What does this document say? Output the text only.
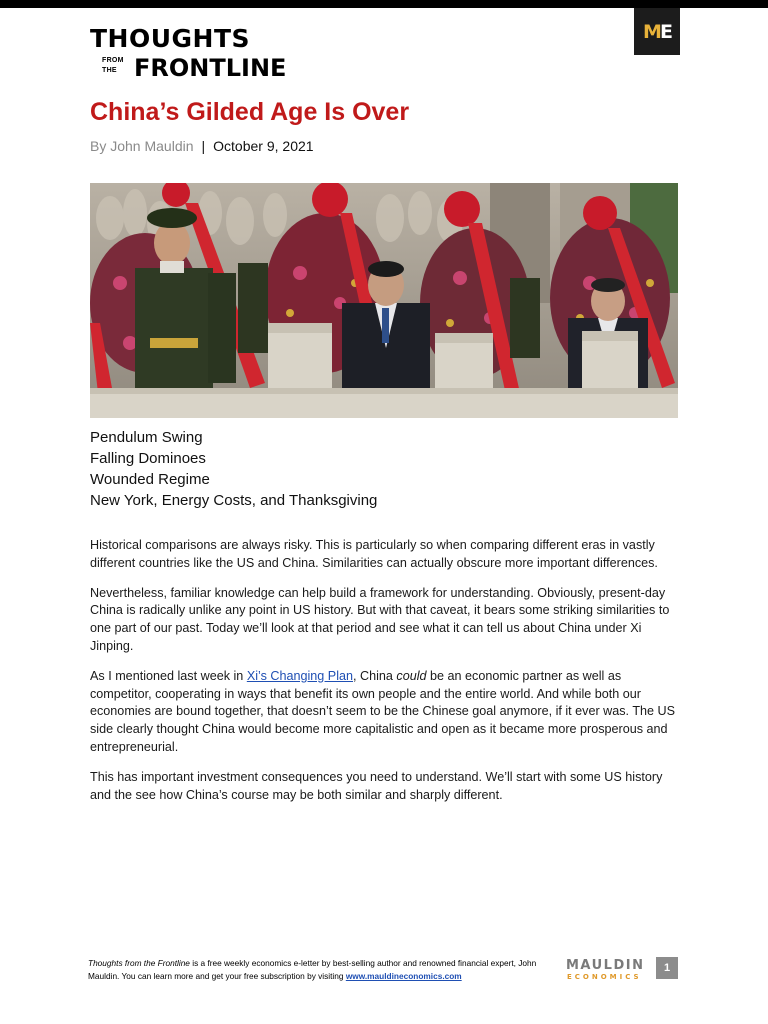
THOUGHTS
FROM
THE FRONTLINE
M E
China’s Gilded Age Is Over
By John Mauldin | October 9, 2021
Pendulum Swing
Falling Dominoes
Wounded Regime
New York, Energy Costs, and Thanksgiving

Historical comparisons are always risky. This is particularly so when comparing different eras in vastly different countries like the US and China. Similarities can actually obscure more important differences.

Nevertheless, familiar knowledge can help build a framework for understanding. Obviously, present-day China is radically unlike any point in US history. But with that caveat, it bears some striking similarities to one part of our past. Today we’ll look at that period and see what it can tell us about China under Xi Jinping.

As I mentioned last week in Xi’s Changing Plan, China could be an economic partner as well as competitor, cooperating in ways that benefit its own people and the entire world. And while both our economies are bound together, that doesn’t seem to be the Chinese goal anymore, if it ever was. The US side clearly thought China would become more capitalistic and open as it became more prosperous and entrepreneurial.

This has important investment consequences you need to understand. We’ll start with some US history and the see how China’s course may be both similar and sharply different.

Thoughts from the Frontline is a free weekly economics e-letter by best-selling author and renowned financial expert, John Mauldin. You can learn more and get your free subscription by visiting www.mauldineconomics.com
MAULDIN
ECONOMICS
1
